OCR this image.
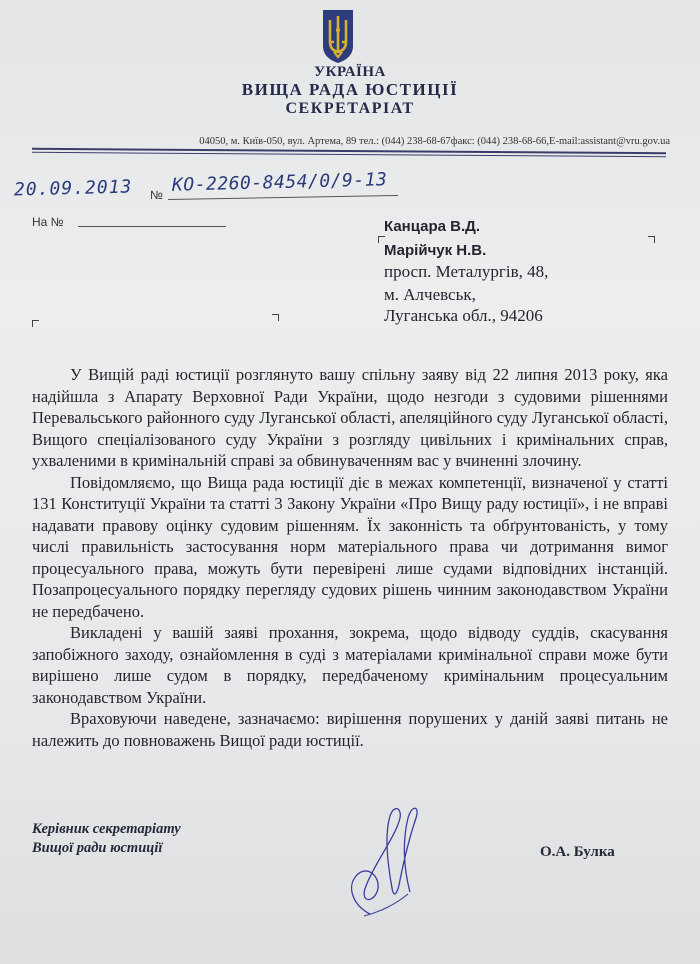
УКРАЇНА
ВИЩА РАДА ЮСТИЦІЇ
СЕКРЕТАРІАТ
04050, м. Київ-050, вул. Артема, 89 тел.: (044) 238-68-67факс: (044) 238-68-66,E-mail:assistant@vru.gov.ua
20.09.2013 № КО-2260-8454/0/9-13
На №	Канцара В.Д.
Марійчук Н.В.
просп. Металургів, 48,
м. Алчевськ,
Луганська обл., 94206

У Вищій раді юстиції розглянуто вашу спільну заяву від 22 липня 2013 року, яка надійшла з Апарату Верховної Ради України, щодо незгоди з судовими рішеннями Перевальського районного суду Луганської області, апеляційного суду Луганської області, Вищого спеціалізованого суду України з розгляду цивільних і кримінальних справ, ухваленими в кримінальній справі за обвинуваченням вас у вчиненні злочину.

Повідомляємо, що Вища рада юстиції діє в межах компетенції, визначеної у статті 131 Конституції України та статті 3 Закону України «Про Вищу раду юстиції», і не вправі надавати правову оцінку судовим рішенням. Їх законність та обґрунтованість, у тому числі правильність застосування норм матеріального права чи дотримання вимог процесуального права, можуть бути перевірені лише судами відповідних інстанцій. Позапроцесуального порядку перегляду судових рішень чинним законодавством України не передбачено.

Викладені у вашій заяві прохання, зокрема, щодо відводу суддів, скасування запобіжного заходу, ознайомлення в суді з матеріалами кримінальної справи може бути вирішено лише судом в порядку, передбаченому кримінальним процесуальним законодавством України.

Враховуючи наведене, зазначаємо: вирішення порушених у даній заяві питань не належить до повноважень Вищої ради юстиції.

Керівник секретаріату
Вищої ради юстиції	О.А. Булка
